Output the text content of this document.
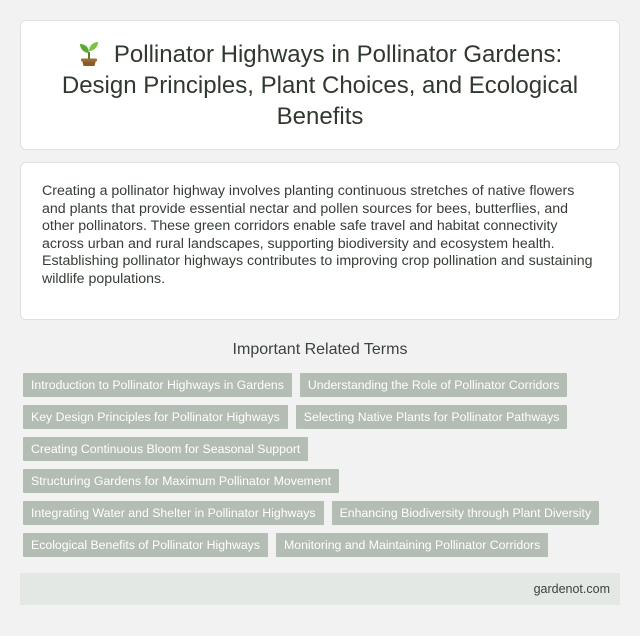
Pollinator Highways in Pollinator Gardens: Design Principles, Plant Choices, and Ecological Benefits

Creating a pollinator highway involves planting continuous stretches of native flowers and plants that provide essential nectar and pollen sources for bees, butterflies, and other pollinators. These green corridors enable safe travel and habitat connectivity across urban and rural landscapes, supporting biodiversity and ecosystem health. Establishing pollinator highways contributes to improving crop pollination and sustaining wildlife populations.

Important Related Terms
Introduction to Pollinator Highways in Gardens	Understanding the Role of Pollinator Corridors
Key Design Principles for Pollinator Highways	Selecting Native Plants for Pollinator Pathways
Creating Continuous Bloom for Seasonal Support
Structuring Gardens for Maximum Pollinator Movement
Integrating Water and Shelter in Pollinator Highways	Enhancing Biodiversity through Plant Diversity
Ecological Benefits of Pollinator Highways	Monitoring and Maintaining Pollinator Corridors
gardenot.com
